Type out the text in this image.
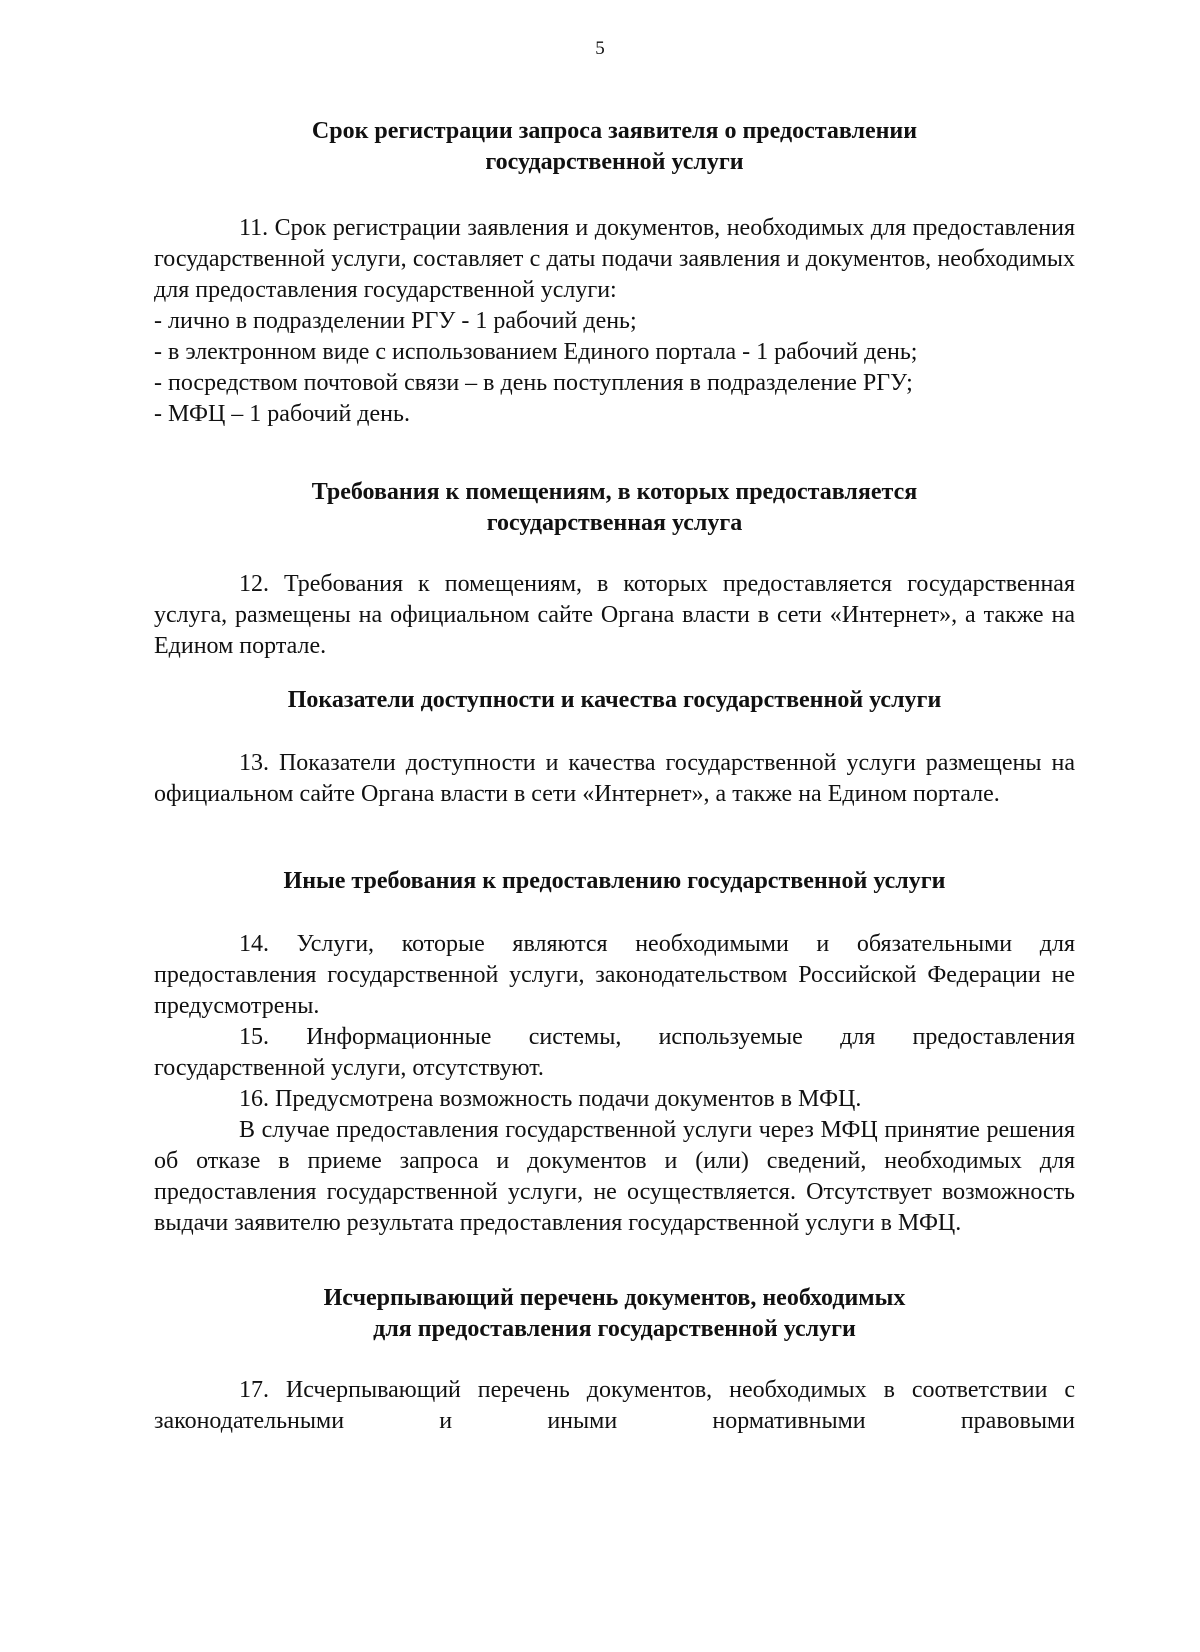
5
Срок регистрации запроса заявителя о предоставлении
государственной услуги

11. Срок регистрации заявления и документов, необходимых для предоставления государственной услуги, составляет с даты подачи заявления и документов, необходимых для предоставления государственной услуги:

- лично в подразделении РГУ - 1 рабочий день;
- в электронном виде с использованием Единого портала - 1 рабочий день;
- посредством почтовой связи – в день поступления в подразделение РГУ;
- МФЦ – 1 рабочий день.
Требования к помещениям, в которых предоставляется
государственная услуга

12. Требования к помещениям, в которых предоставляется государственная услуга, размещены на официальном сайте Органа власти в сети «Интернет», а также на Едином портале.

Показатели доступности и качества государственной услуги

13. Показатели доступности и качества государственной услуги размещены на официальном сайте Органа власти в сети «Интернет», а также на Едином портале.

Иные требования к предоставлению государственной услуги

14. Услуги, которые являются необходимыми и обязательными для предоставления государственной услуги, законодательством Российской Федерации не предусмотрены.

15. Информационные системы, используемые для предоставления государственной услуги, отсутствуют.

16. Предусмотрена возможность подачи документов в МФЦ.

В случае предоставления государственной услуги через МФЦ принятие решения об отказе в приеме запроса и документов и (или) сведений, необходимых для предоставления государственной услуги, не осуществляется. Отсутствует возможность выдачи заявителю результата предоставления государственной услуги в МФЦ.

Исчерпывающий перечень документов, необходимых
для предоставления государственной услуги

17. Исчерпывающий перечень документов, необходимых в соответствии с законодательными и иными нормативными правовыми
